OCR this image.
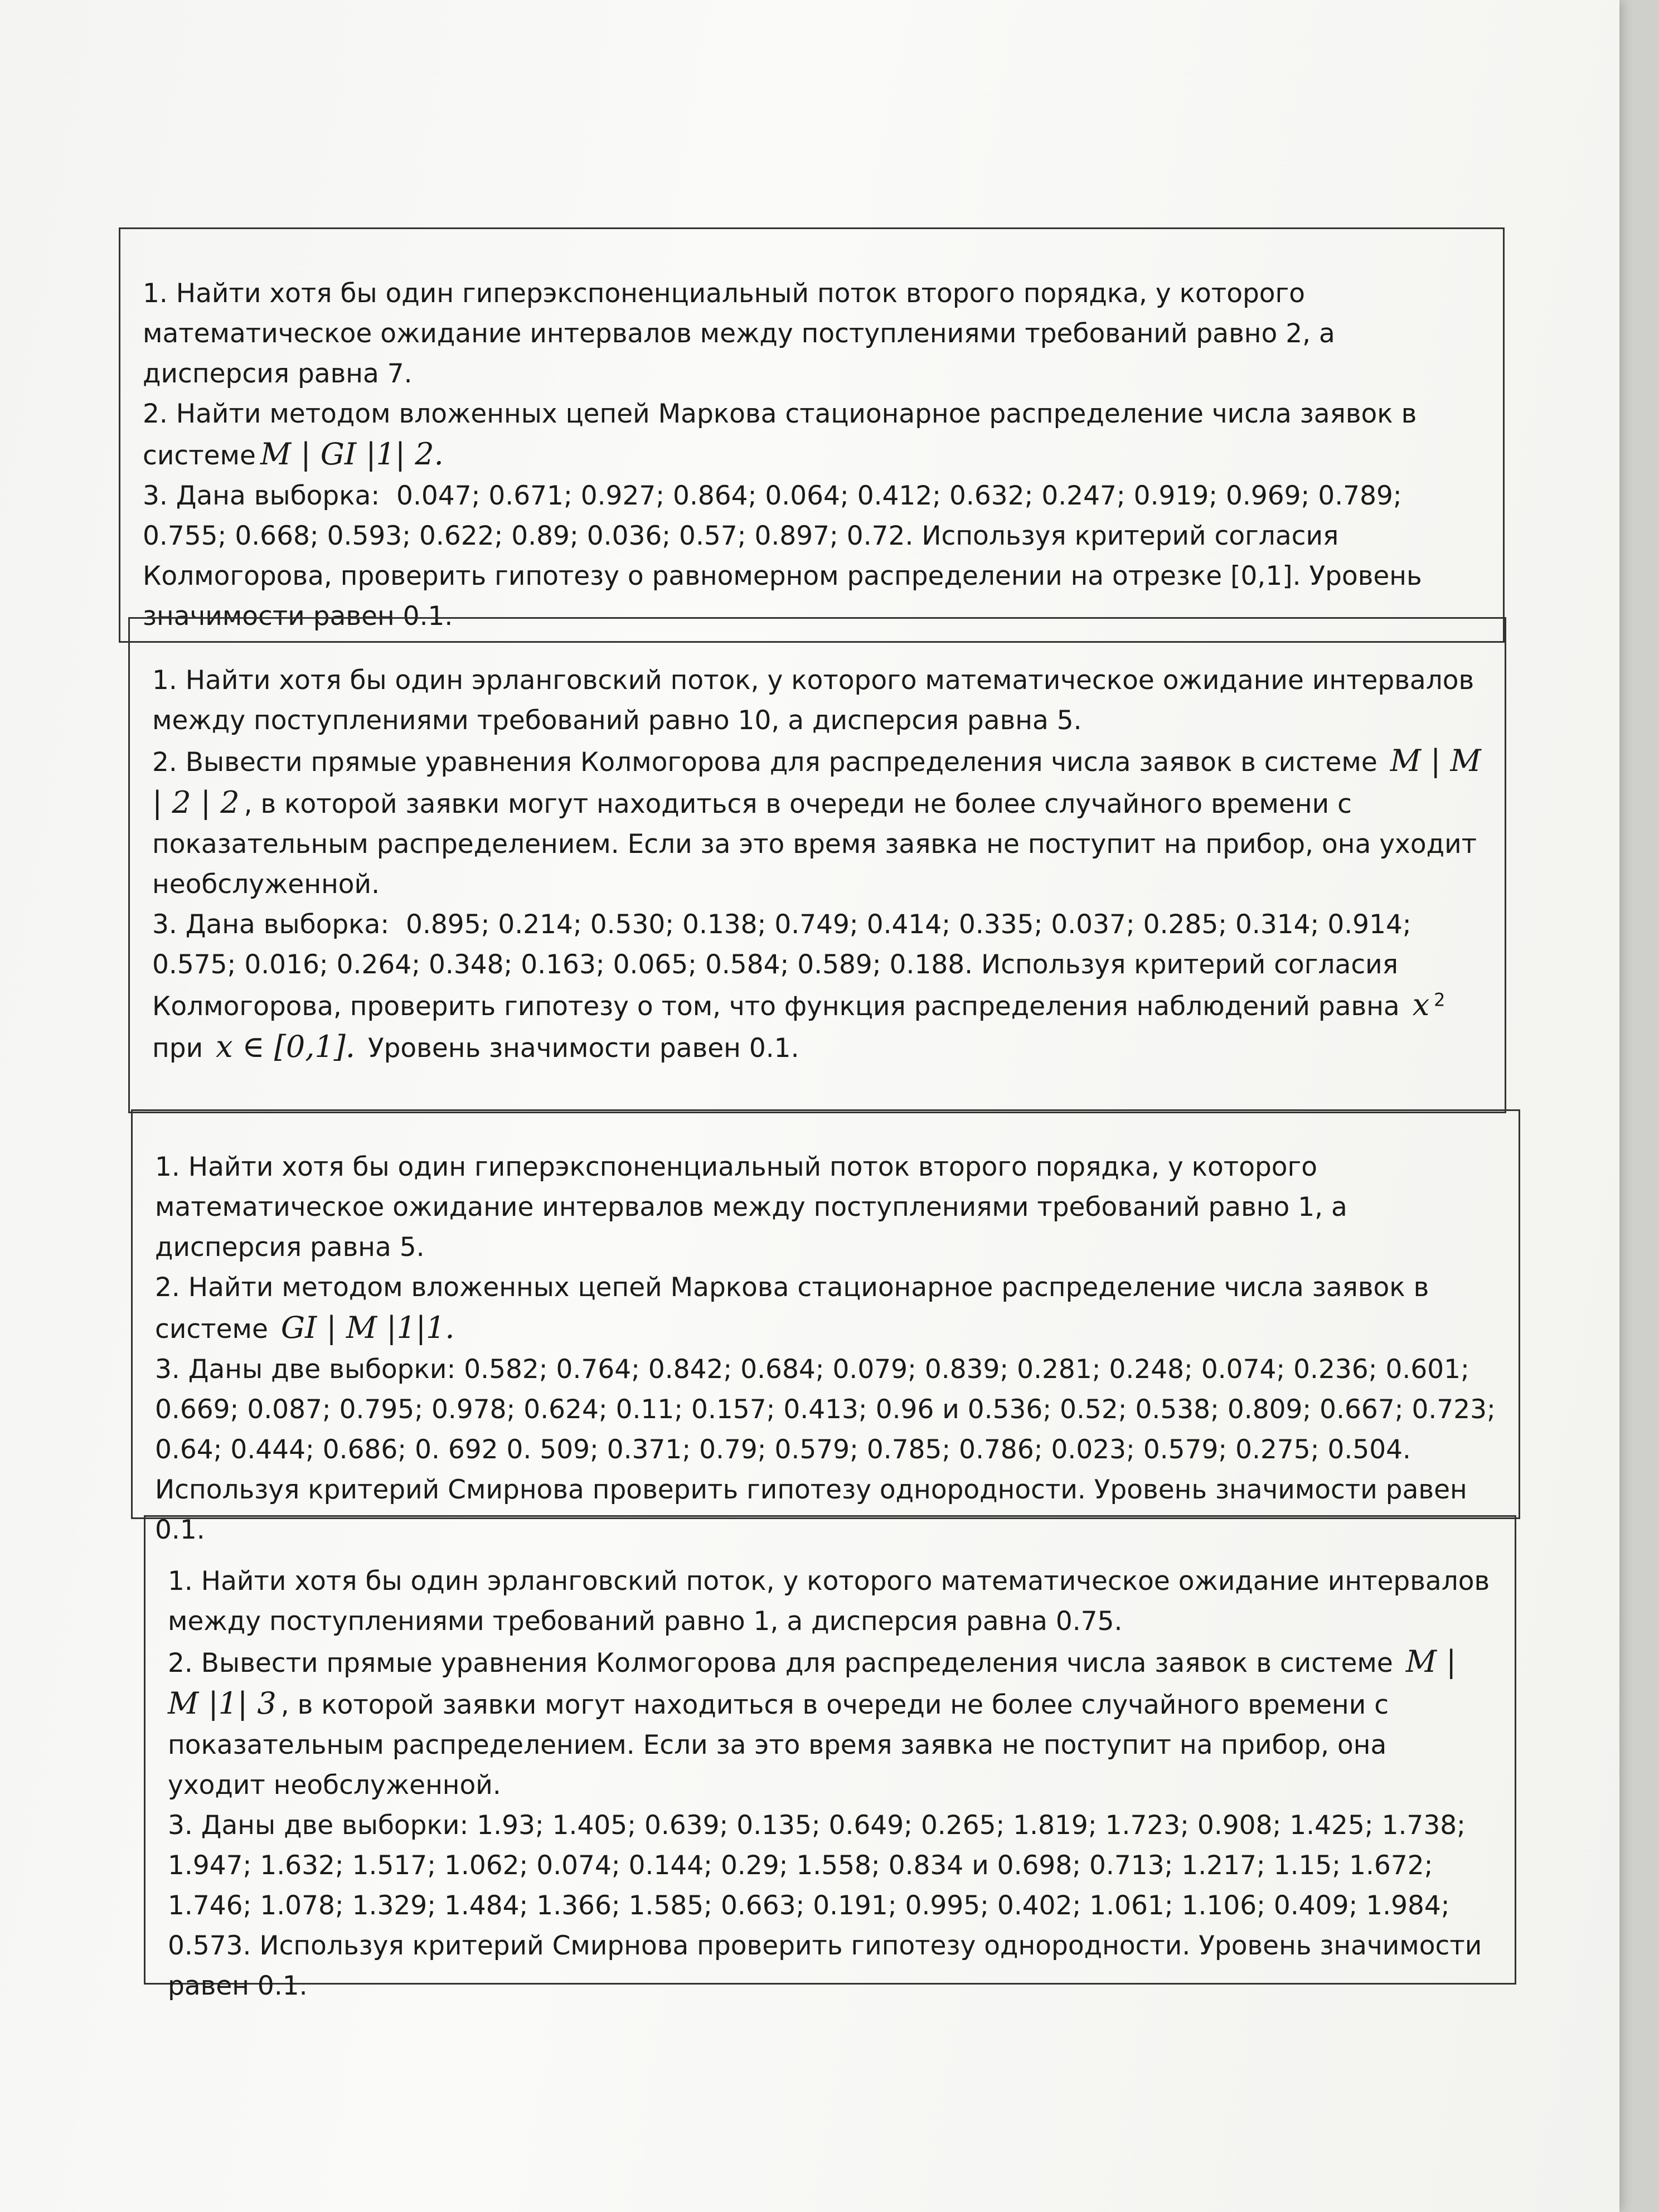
1. Найти хотя бы один гиперэкспоненциальный поток второго порядка, у которого математическое ожидание интервалов между поступлениями требований равно 2, а дисперсия равна 7.

2. Найти методом вложенных цепей Маркова стационарное распределение числа заявок в системе M | GI |1| 2.

3. Дана выборка:  0.047; 0.671; 0.927; 0.864; 0.064; 0.412; 0.632; 0.247; 0.919; 0.969; 0.789; 0.755; 0.668; 0.593; 0.622; 0.89; 0.036; 0.57; 0.897; 0.72. Используя критерий согласия Колмогорова, проверить гипотезу о равномерном распределении на отрезке [0,1]. Уровень значимости равен 0.1.

1. Найти хотя бы один эрланговский поток, у которого математическое ожидание интервалов между поступлениями требований равно 10, а дисперсия равна 5.

2. Вывести прямые уравнения Колмогорова для распределения числа заявок в системе M | M | 2 | 2 , в которой заявки могут находиться в очереди не более случайного времени с показательным распределением. Если за это время заявка не поступит на прибор, она уходит необслуженной.

3. Дана выборка:  0.895; 0.214; 0.530; 0.138; 0.749; 0.414; 0.335; 0.037; 0.285; 0.314; 0.914; 0.575; 0.016; 0.264; 0.348; 0.163; 0.065; 0.584; 0.589; 0.188. Используя критерий согласия Колмогорова, проверить гипотезу о том, что функция распределения наблюдений равна x $^2$ при x ∈ [0,1]. Уровень значимости равен 0.1.

1. Найти хотя бы один гиперэкспоненциальный поток второго порядка, у которого математическое ожидание интервалов между поступлениями требований равно 1, а дисперсия равна 5.

2. Найти методом вложенных цепей Маркова стационарное распределение числа заявок в системе GI | M |1|1.

3. Даны две выборки: 0.582; 0.764; 0.842; 0.684; 0.079; 0.839; 0.281; 0.248; 0.074; 0.236; 0.601; 0.669; 0.087; 0.795; 0.978; 0.624; 0.11; 0.157; 0.413; 0.96 и 0.536; 0.52; 0.538; 0.809; 0.667; 0.723; 0.64; 0.444; 0.686; 0. 692 0. 509; 0.371; 0.79; 0.579; 0.785; 0.786; 0.023; 0.579; 0.275; 0.504. Используя критерий Смирнова проверить гипотезу однородности. Уровень значимости равен 0.1.

1. Найти хотя бы один эрланговский поток, у которого математическое ожидание интервалов между поступлениями требований равно 1, а дисперсия равна 0.75.

2. Вывести прямые уравнения Колмогорова для распределения числа заявок в системе M | M |1| 3 , в которой заявки могут находиться в очереди не более случайного времени с показательным распределением. Если за это время заявка не поступит на прибор, она уходит необслуженной.

3. Даны две выборки: 1.93; 1.405; 0.639; 0.135; 0.649; 0.265; 1.819; 1.723; 0.908; 1.425; 1.738; 1.947; 1.632; 1.517; 1.062; 0.074; 0.144; 0.29; 1.558; 0.834 и 0.698; 0.713; 1.217; 1.15; 1.672; 1.746; 1.078; 1.329; 1.484; 1.366; 1.585; 0.663; 0.191; 0.995; 0.402; 1.061; 1.106; 0.409; 1.984; 0.573. Используя критерий Смирнова проверить гипотезу однородности. Уровень значимости равен 0.1.
